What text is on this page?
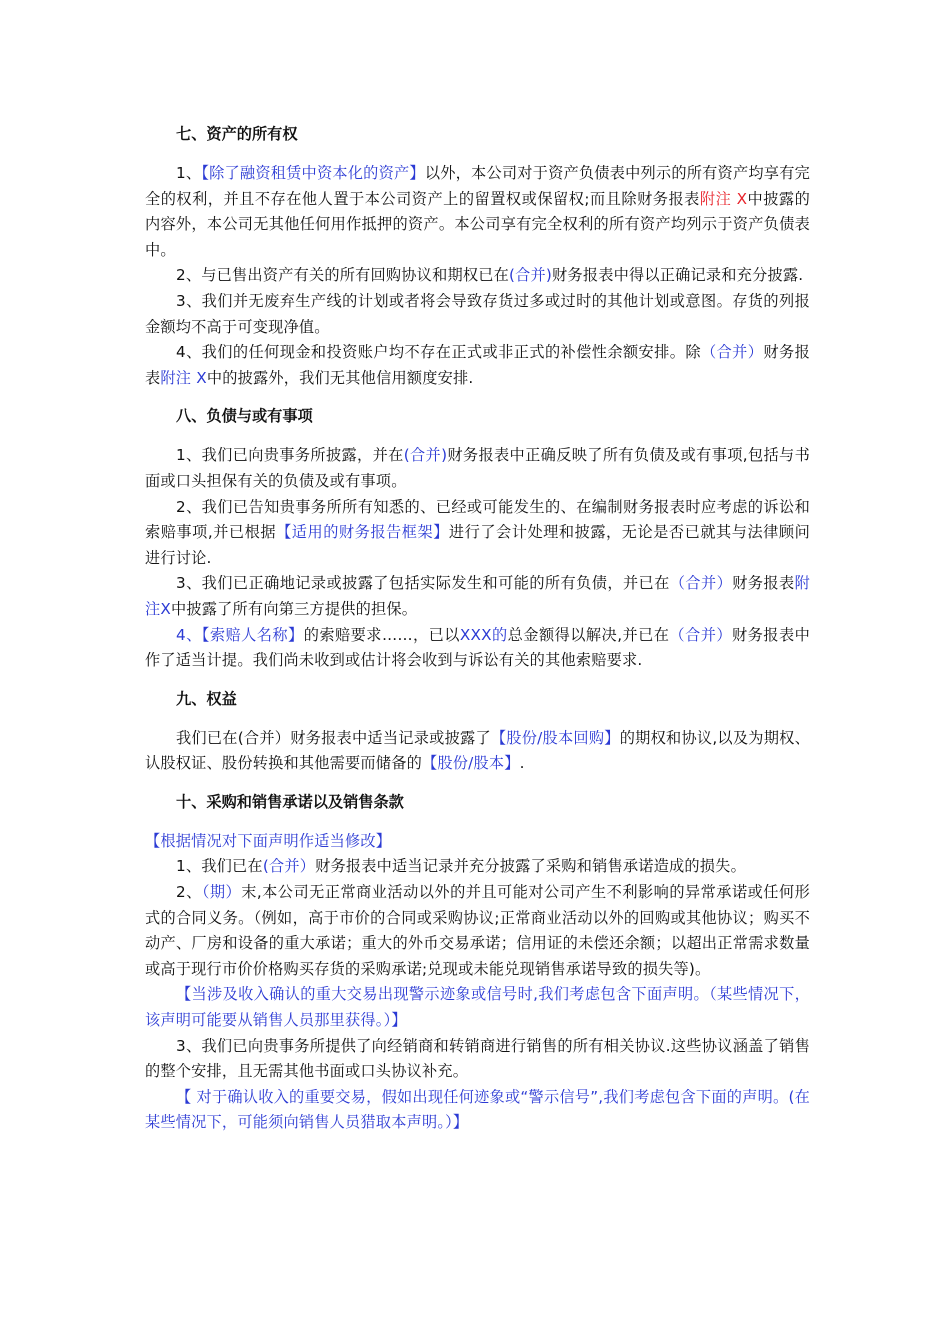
七、资产的所有权

1、【除了融资租赁中资本化的资产】以外，本公司对于资产负债表中列示的所有资产均享有完全的权利，并且不存在他人置于本公司资产上的留置权或保留权;而且除财务报表附注 X中披露的内容外，本公司无其他任何用作抵押的资产。本公司享有完全权利的所有资产均列示于资产负债表中。

2、与已售出资产有关的所有回购协议和期权已在(合并)财务报表中得以正确记录和充分披露.

3、我们并无废弃生产线的计划或者将会导致存货过多或过时的其他计划或意图。存货的列报金额均不高于可变现净值。

4、我们的任何现金和投资账户均不存在正式或非正式的补偿性余额安排。除（合并）财务报表附注 X中的披露外，我们无其他信用额度安排.

八、负债与或有事项

1、我们已向贵事务所披露，并在(合并)财务报表中正确反映了所有负债及或有事项,包括与书面或口头担保有关的负债及或有事项。

2、我们已告知贵事务所所有知悉的、已经或可能发生的、在编制财务报表时应考虑的诉讼和索赔事项,并已根据【适用的财务报告框架】进行了会计处理和披露，无论是否已就其与法律顾问进行讨论.

3、我们已正确地记录或披露了包括实际发生和可能的所有负债，并已在（合并）财务报表附注X中披露了所有向第三方提供的担保。

4、【索赔人名称】的索赔要求……，已以XXX的总金额得以解决,并已在（合并）财务报表中作了适当计提。我们尚未收到或估计将会收到与诉讼有关的其他索赔要求.

九、权益

我们已在(合并）财务报表中适当记录或披露了【股份/股本回购】的期权和协议,以及为期权、认股权证、股份转换和其他需要而储备的【股份/股本】.

十、采购和销售承诺以及销售条款

【根据情况对下面声明作适当修改】

1、我们已在(合并）财务报表中适当记录并充分披露了采购和销售承诺造成的损失。

2、（期）末,本公司无正常商业活动以外的并且可能对公司产生不利影响的异常承诺或任何形式的合同义务。（例如，高于市价的合同或采购协议;正常商业活动以外的回购或其他协议；购买不动产、厂房和设备的重大承诺；重大的外币交易承诺；信用证的未偿还余额；以超出正常需求数量或高于现行市价价格购买存货的采购承诺;兑现或未能兑现销售承诺导致的损失等)。

【当涉及收入确认的重大交易出现警示迹象或信号时,我们考虑包含下面声明。（某些情况下，该声明可能要从销售人员那里获得。）】

3、我们已向贵事务所提供了向经销商和转销商进行销售的所有相关协议.这些协议涵盖了销售的整个安排，且无需其他书面或口头协议补充。

【 对于确认收入的重要交易，假如出现任何迹象或“警示信号”,我们考虑包含下面的声明。(在某些情况下，可能须向销售人员猎取本声明。）】
